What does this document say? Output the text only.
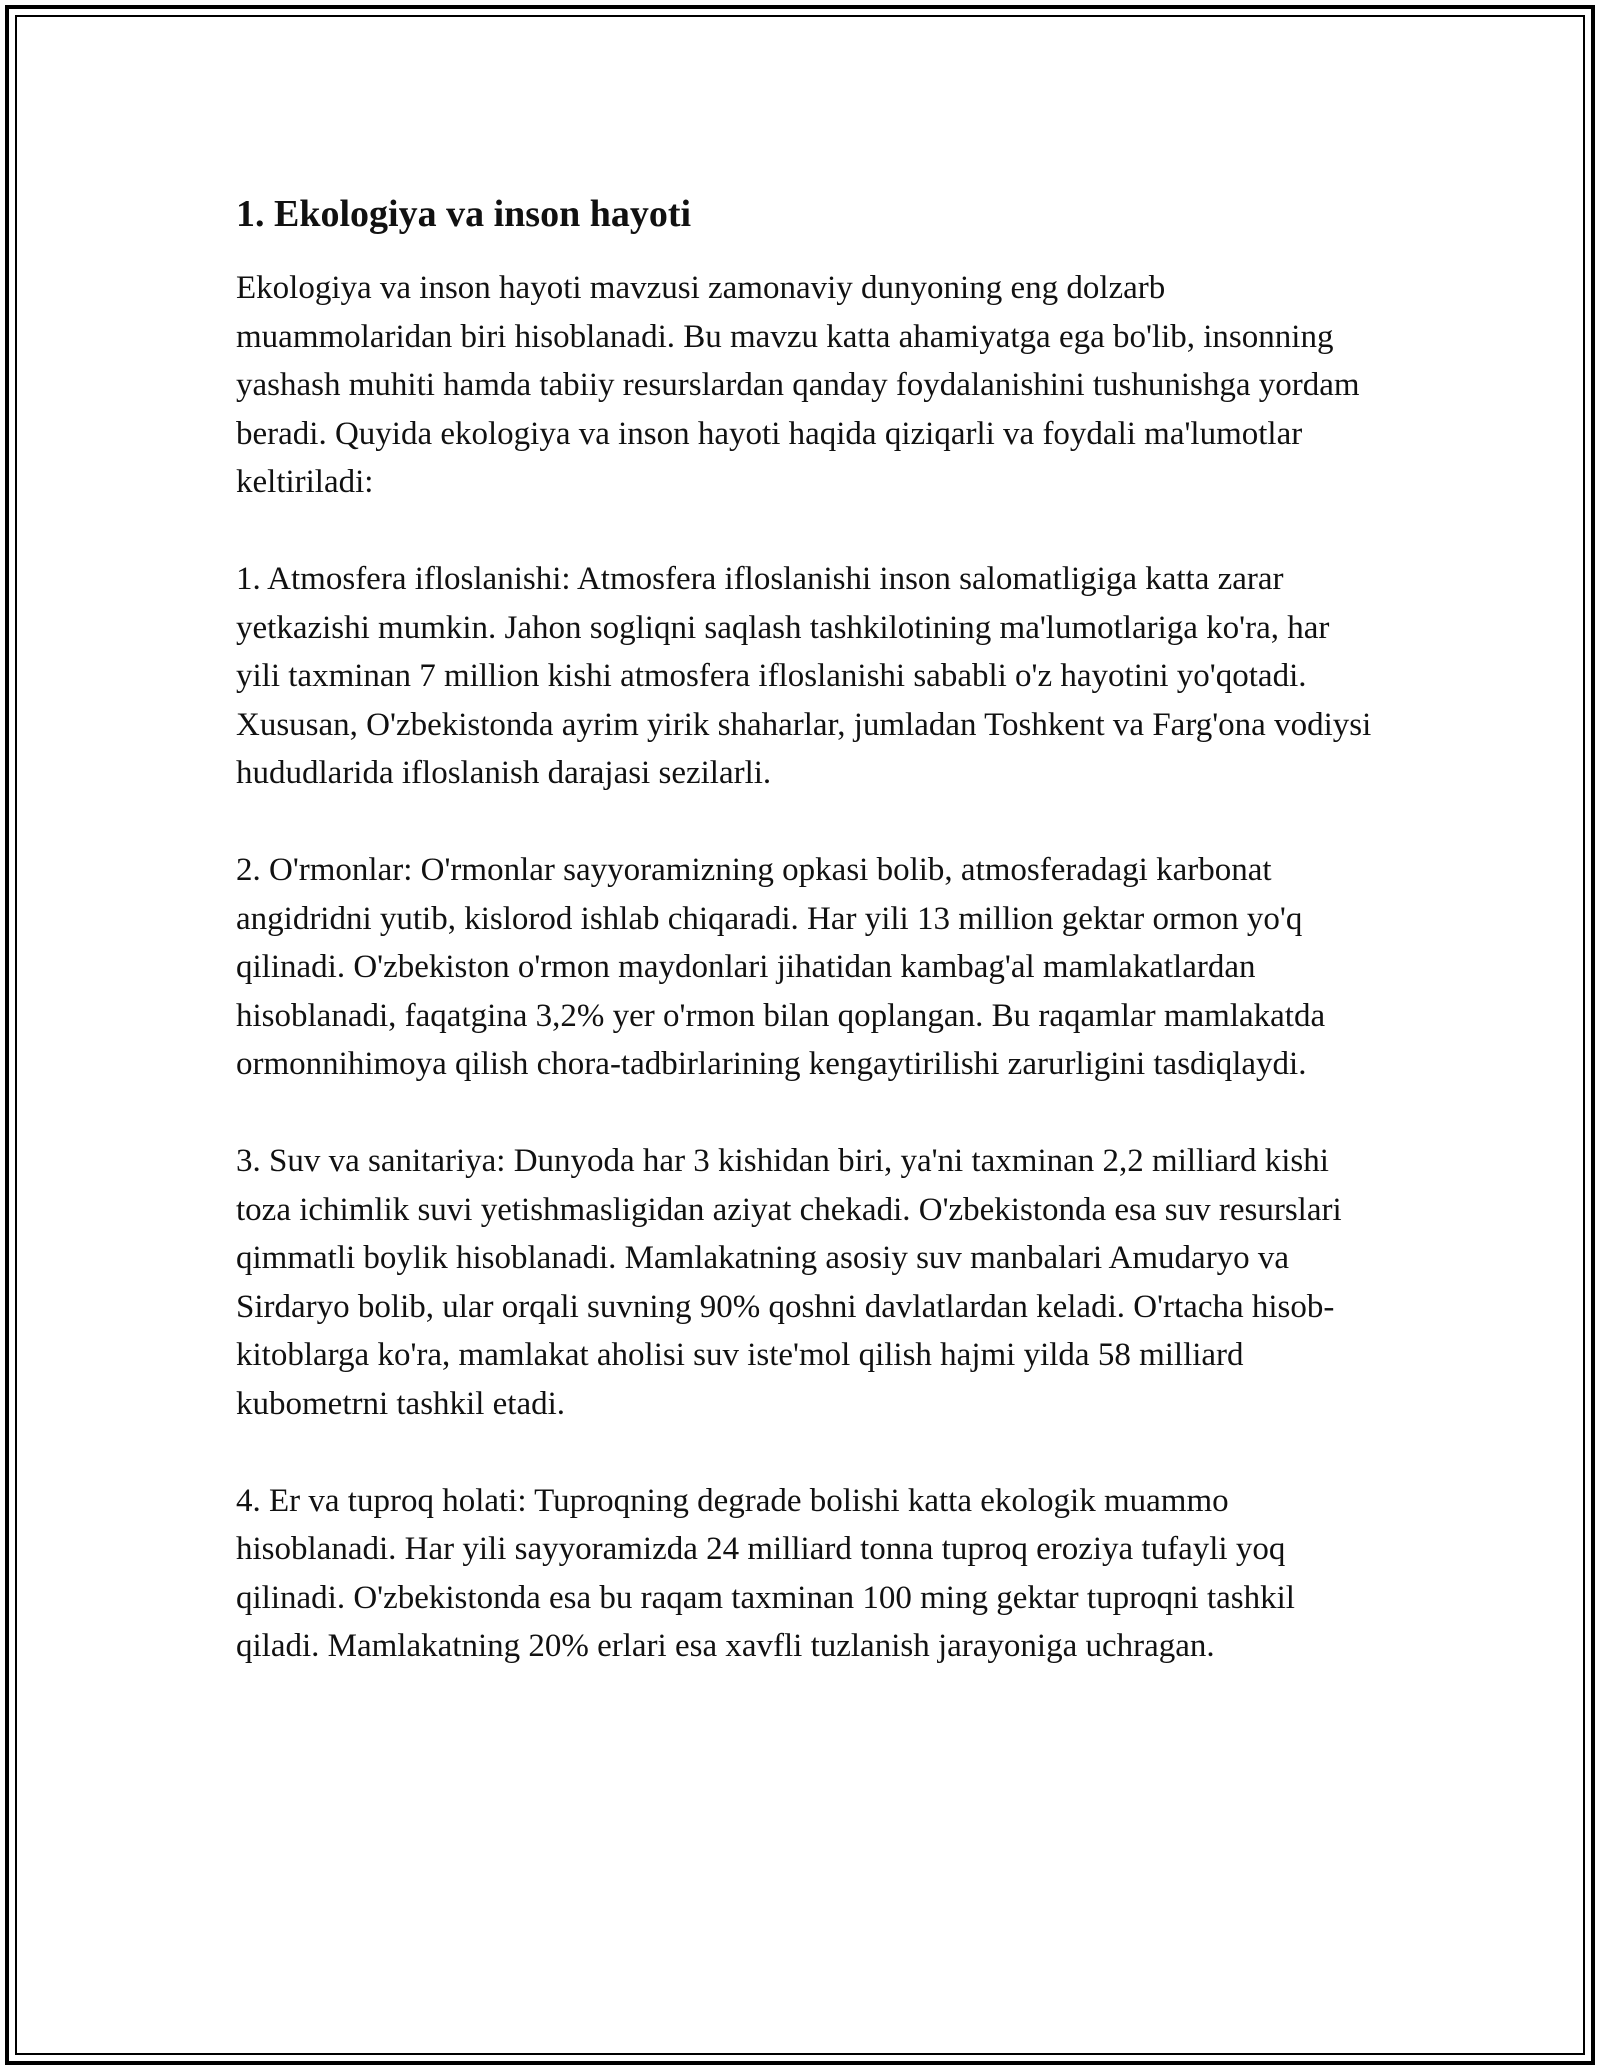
1. Ekologiya va inson hayoti

Ekologiya va inson hayoti mavzusi zamonaviy dunyoning eng dolzarb muammolaridan biri hisoblanadi. Bu mavzu katta ahamiyatga ega bo'lib, insonning yashash muhiti hamda tabiiy resurslardan qanday foydalanishini tushunishga yordam beradi. Quyida ekologiya va inson hayoti haqida qiziqarli va foydali ma'lumotlar keltiriladi:

1. Atmosfera ifloslanishi: Atmosfera ifloslanishi inson salomatligiga katta zarar yetkazishi mumkin. Jahon sogliqni saqlash tashkilotining ma'lumotlariga ko'ra, har yili taxminan 7 million kishi atmosfera ifloslanishi sababli o'z hayotini yo'qotadi. Xususan, O'zbekistonda ayrim yirik shaharlar, jumladan Toshkent va Farg'ona vodiysi hududlarida ifloslanish darajasi sezilarli.

2. O'rmonlar: O'rmonlar sayyoramizning opkasi bolib, atmosferadagi karbonat angidridni yutib, kislorod ishlab chiqaradi. Har yili 13 million gektar ormon yo'q qilinadi. O'zbekiston o'rmon maydonlari jihatidan kambag'al mamlakatlardan hisoblanadi, faqatgina 3,2% yer o'rmon bilan qoplangan. Bu raqamlar mamlakatda ormonnihimoya qilish chora-tadbirlarining kengaytirilishi zarurligini tasdiqlaydi.

3. Suv va sanitariya: Dunyoda har 3 kishidan biri, ya'ni taxminan 2,2 milliard kishi toza ichimlik suvi yetishmasligidan aziyat chekadi. O'zbekistonda esa suv resurslari qimmatli boylik hisoblanadi. Mamlakatning asosiy suv manbalari Amudaryo va Sirdaryo bolib, ular orqali suvning 90% qoshni davlatlardan keladi. O'rtacha hisob-kitoblarga ko'ra, mamlakat aholisi suv iste'mol qilish hajmi yilda 58 milliard kubometrni tashkil etadi.

4. Er va tuproq holati: Tuproqning degrade bolishi katta ekologik muammo hisoblanadi. Har yili sayyoramizda 24 milliard tonna tuproq eroziya tufayli yoq qilinadi. O'zbekistonda esa bu raqam taxminan 100 ming gektar tuproqni tashkil qiladi. Mamlakatning 20% erlari esa xavfli tuzlanish jarayoniga uchragan.
